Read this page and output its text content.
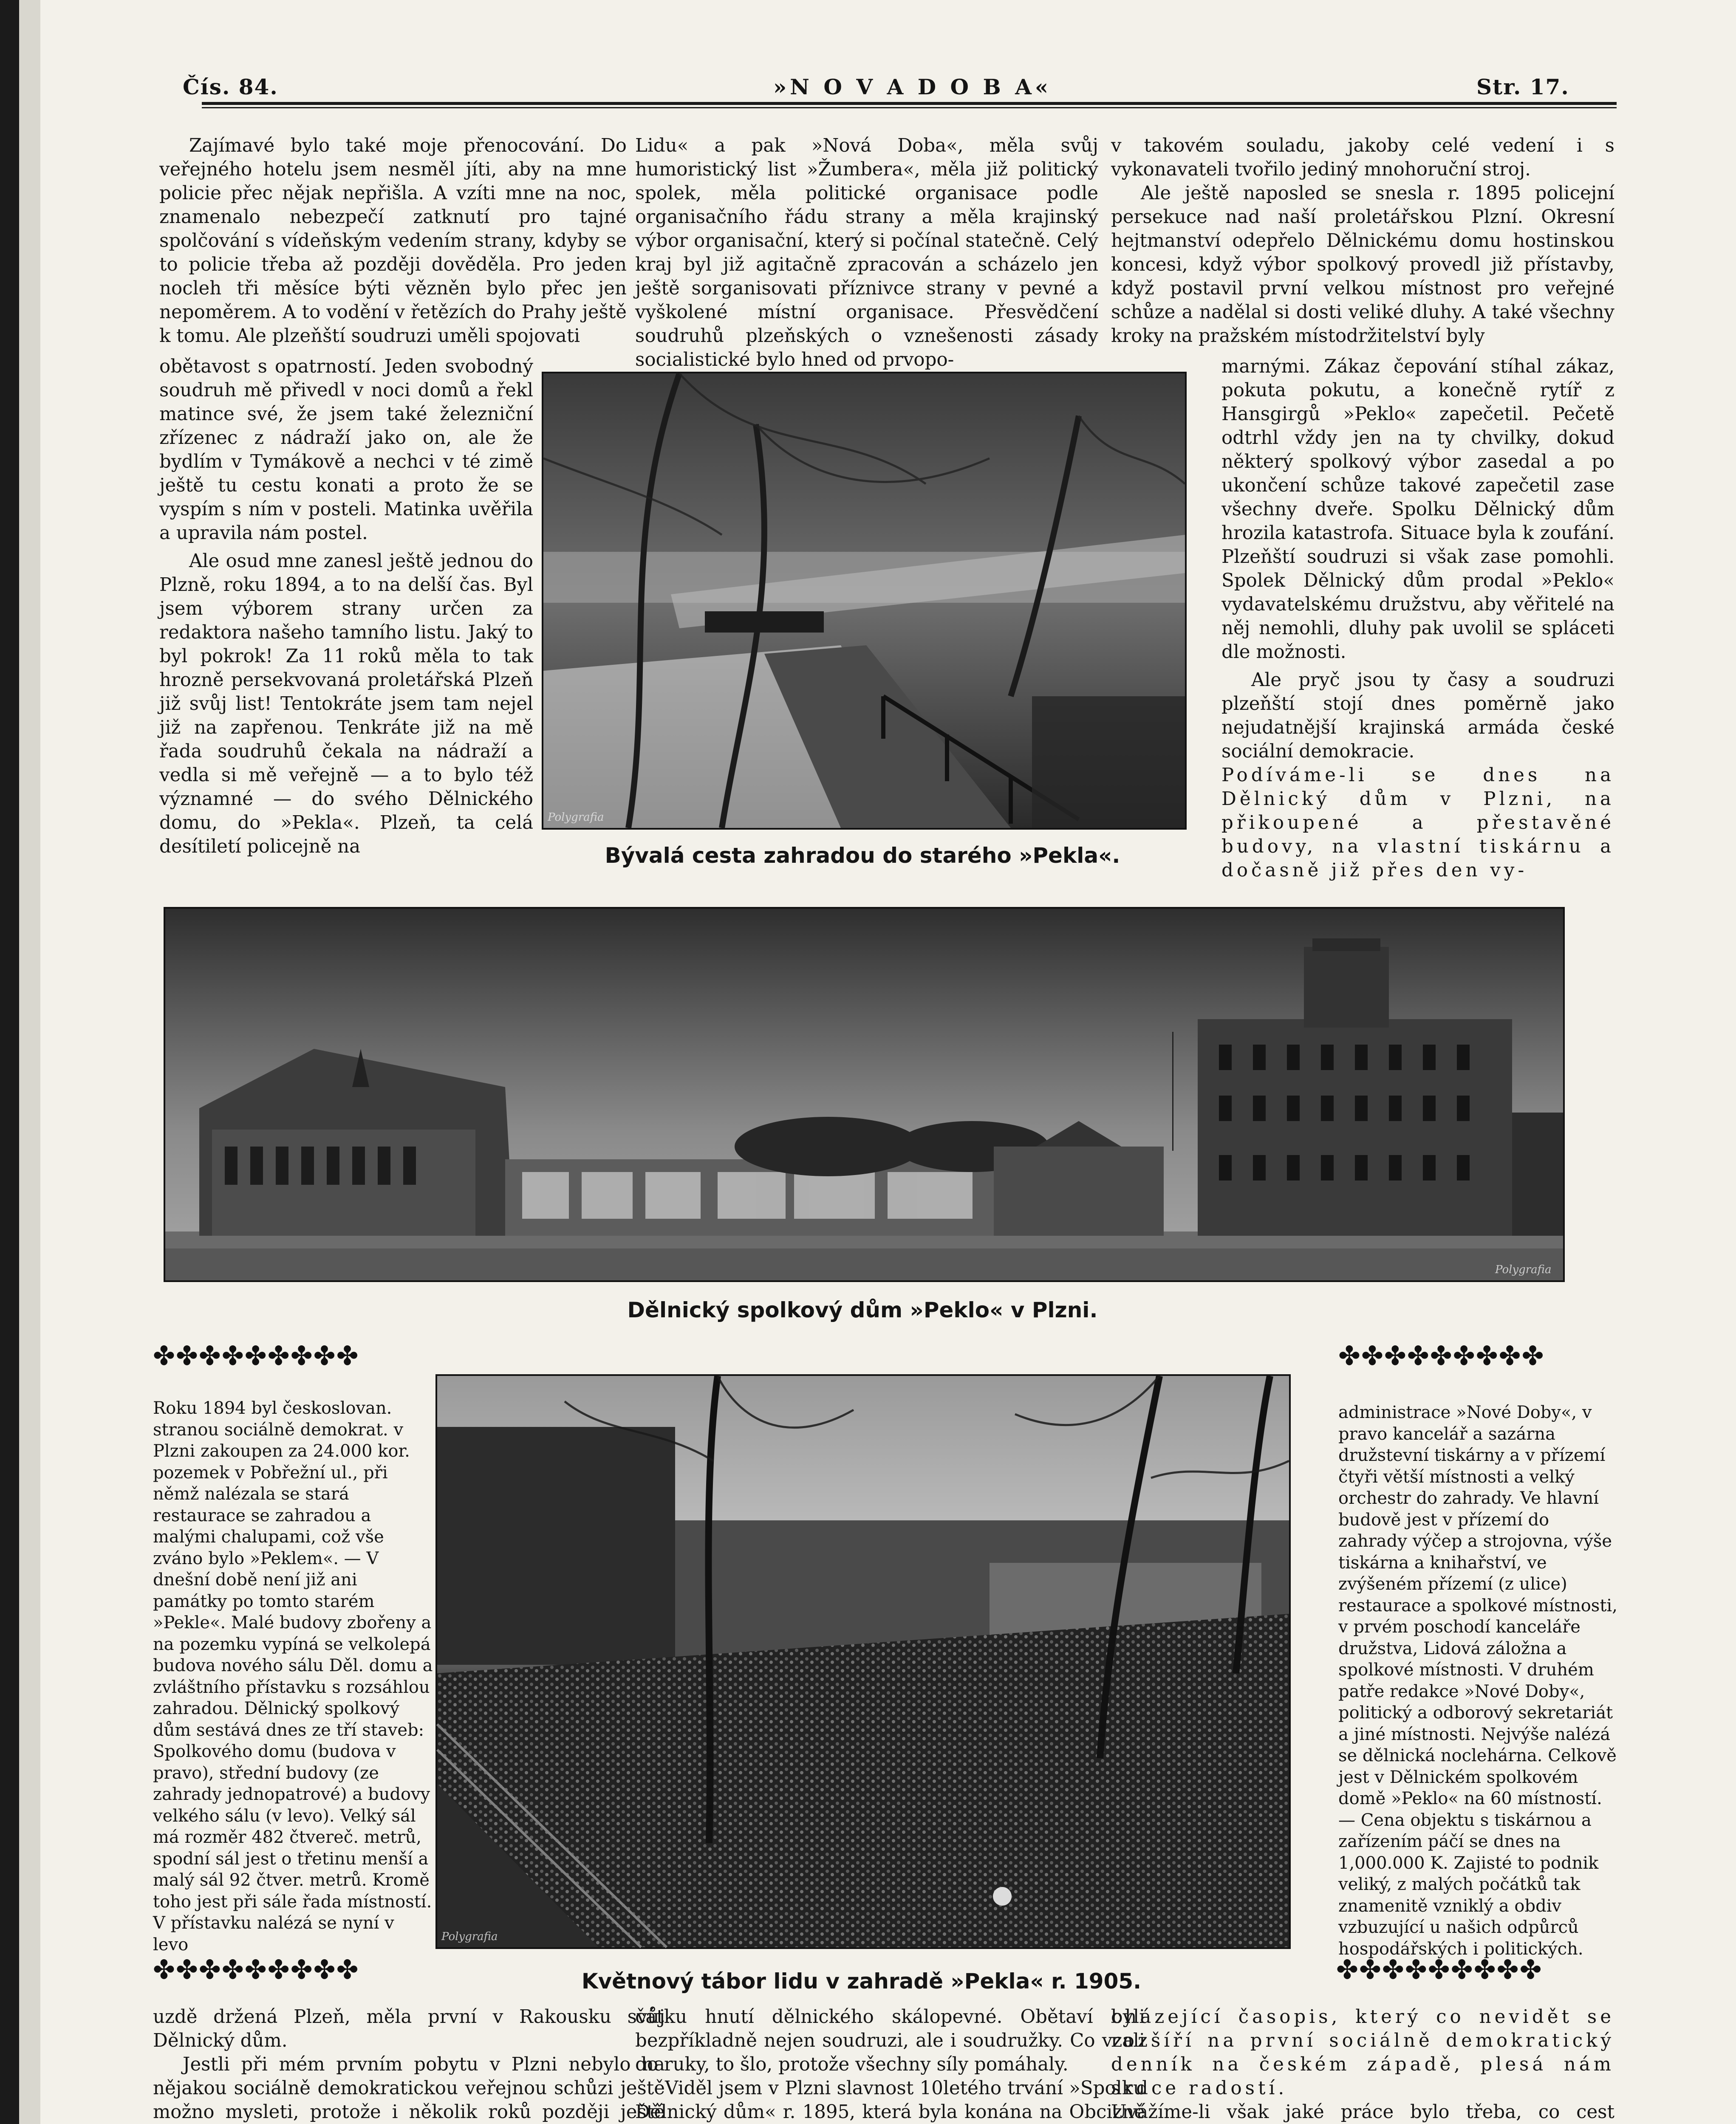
Čís. 84.	»N O V A D O B A«	Str. 17.

Zajímavé bylo také moje přenocování. Do veřejného hotelu jsem nesměl jíti, aby na mne policie přec nějak nepřišla. A vzíti mne na noc, znamenalo nebezpečí zatknutí pro tajné spolčování s vídeňským vedením strany, kdyby se to policie třeba až později dověděla. Pro jeden nocleh tři měsíce býti vězněn bylo přec jen nepoměrem. A to vodění v řetězích do Prahy ještě k tomu. Ale plzeňští soudruzi uměli spojovati

obětavost s opatrností. Jeden svobodný soudruh mě přivedl v noci domů a řekl matince své, že jsem také železniční zřízenec z nádraží jako on, ale že bydlím v Tymákově a nechci v té zimě ještě tu cestu konati a proto že se vyspím s ním v posteli. Matinka uvěřila a upravila nám postel.

Ale osud mne zanesl ještě jednou do Plzně, roku 1894, a to na delší čas. Byl jsem výborem strany určen za redaktora našeho tamního listu. Jaký to byl pokrok! Za 11 roků měla to tak hrozně persekvovaná proletářská Plzeň již svůj list! Tentokráte jsem tam nejel již na zapřenou. Tenkráte již na mě řada soudruhů čekala na nádraží a vedla si mě veřejně — a to bylo též významné — do svého Dělnického domu, do »Pekla«. Plzeň, ta celá desítiletí policejně na

Lidu« a pak »Nová Doba«, měla svůj humoristický list »Žumbera«, měla již politický spolek, měla politické organisace podle organisačního řádu strany a měla krajinský výbor organisační, který si počínal statečně. Celý kraj byl již agitačně zpracován a scházelo jen ještě sorganisovati příznivce strany v pevné a vyškolené místní organisace. Přesvědčení soudruhů plzeňských o vznešenosti zásady socialistické bylo hned od prvopo-

v takovém souladu, jakoby celé vedení i s vykonavateli tvořilo jediný mnohoruční stroj.

Ale ještě naposled se snesla r. 1895 policejní persekuce nad naší proletářskou Plzní. Okresní hejtmanství odepřelo Dělnickému domu hostinskou koncesi, když výbor spolkový provedl již přístavby, když postavil první velkou místnost pro veřejné schůze a nadělal si dosti veliké dluhy. A také všechny kroky na pražském místodržitelství byly

marnými. Zákaz čepování stíhal zákaz, pokuta pokutu, a konečně rytíř z Hansgirgů »Peklo« zapečetil. Pečetě odtrhl vždy jen na ty chvilky, dokud některý spolkový výbor zasedal a po ukončení schůze takové zapečetil zase všechny dveře. Spolku Dělnický dům hrozila katastrofa. Situace byla k zoufání. Plzeňští soudruzi si však zase pomohli. Spolek Dělnický dům prodal »Peklo« vydavatelskému družstvu, aby věřitelé na něj nemohli, dluhy pak uvolil se spláceti dle možnosti.

Ale pryč jsou ty časy a soudruzi plzeňští stojí dnes poměrně jako nejudatnější krajinská armáda české sociální demokracie.

Podíváme-li se dnes na Dělnický dům v Plzni, na přikoupené a přestavěné budovy, na vlastní tiskárnu a dočasně již přes den vy-

Polygrafia
Bývalá cesta zahradou do starého »Pekla«.
Polygrafia
Dělnický spolkový dům »Peklo« v Plzni.
✤✤✤✤✤✤✤✤✤	✤✤✤✤✤✤✤✤✤
✤✤✤✤✤✤✤✤✤	✤✤✤✤✤✤✤✤✤

Roku 1894 byl českoslovan. stranou sociálně demokrat. v Plzni zakoupen za 24.000 kor. pozemek v Pobřežní ul., při němž nalézala se stará restaurace se zahradou a malými chalupami, což vše zváno bylo »Peklem«. — V dnešní době není již ani památky po tomto starém »Pekle«. Malé budovy zbořeny a na pozemku vypíná se velkolepá budova nového sálu Děl. domu a zvláštního přístavku s rozsáhlou zahradou. Dělnický spolkový dům sestává dnes ze tří staveb: Spolkového domu (budova v pravo), střední budovy (ze zahrady jednopatrové) a budovy velkého sálu (v levo). Velký sál má rozměr 482 čtvereč. metrů, spodní sál jest o třetinu menší a malý sál 92 čtver. metrů. Kromě toho jest při sále řada místností. V přístavku nalézá se nyní v levo

administrace »Nové Doby«, v pravo kancelář a sazárna družstevní tiskárny a v přízemí čtyři větší místnosti a velký orchestr do zahrady. Ve hlavní budově jest v přízemí do zahrady výčep a strojovna, výše tiskárna a knihařství, ve zvýšeném přízemí (z ulice) restaurace a spolkové místnosti, v prvém poschodí kanceláře družstva, Lidová záložna a spolkové místnosti. V druhém patře redakce »Nové Doby«, politický a odborový sekretariát a jiné místnosti. Nejvýše nalézá se dělnická noclehárna. Celkově jest v Dělnickém spolkovém domě »Peklo« na 60 místností. — Cena objektu s tiskárnou a zařízením páčí se dnes na 1,000.000 K. Zajisté to podnik veliký, z malých počátků tak znamenitě vzniklý a obdiv vzbuzující u našich odpůrců hospodářských i politických.

Polygrafia
Květnový tábor lidu v zahradě »Pekla« r. 1905.

uzdě držená Plzeň, měla první v Rakousku svůj Dělnický dům.

Jestli při mém prvním pobytu v Plzni nebylo na nějakou sociálně demokratickou veřejnou schůzi ještě možno mysleti, protože i několik roků později ještě

čátku hnutí dělnického skálopevné. Obětaví byli bezpříkladně nejen soudruzi, ale i soudružky. Co vzali do ruky, to šlo, protože všechny síly pomáhaly.

Viděl jsem v Plzni slavnost 10letého trvání »Spolku Dělnický dům« r. 1895, která byla konána na Obcizně

cházející časopis, který co nevidět se rozšíří na první sociálně demokratický denník na českém západě, plesá nám srdce radostí.

Uvážíme-li však jaké práce bylo třeba, co cest
